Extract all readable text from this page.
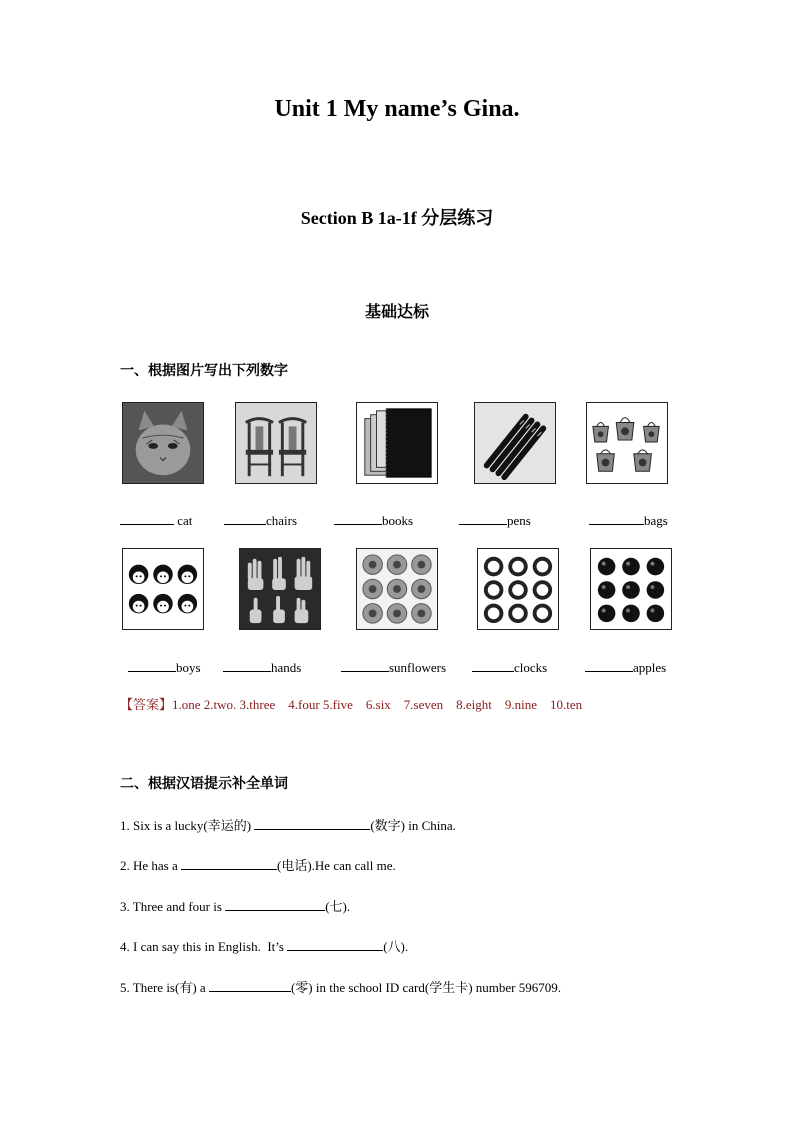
Unit 1 My name’s Gina.
Section B 1a-1f 分层练习
基础达标
一、根据图片写出下列数字
cat	chairs	books	pens	bags
boys	hands	sunflowers	clocks	apples
【答案】1.one 2.two. 3.three    4.four 5.five    6.six    7.seven    8.eight    9.nine    10.ten
二、根据汉语提示补全单词
1. Six is a lucky(幸运的)	(数字) in China.
2. He has a	(电话).He can call me.
3. Three and four is	(七).
4. I can say this in English.  It’s	(八).
5. There is(有) a	(零) in the school ID card(学生卡) number 596709.
